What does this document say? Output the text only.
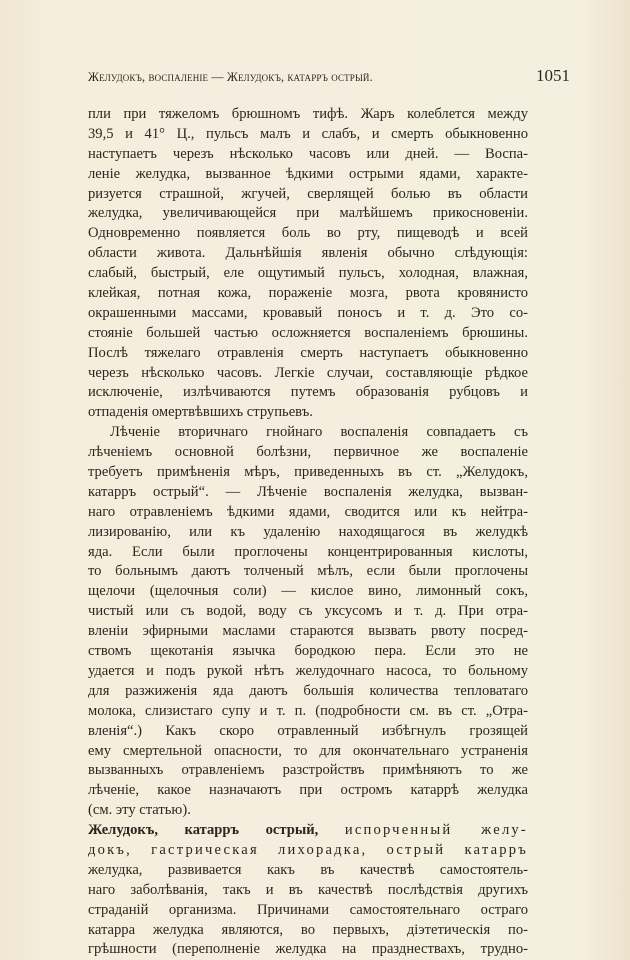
Желудокъ, воспаленіе — Желудокъ, катарръ острый.	1051
пли при тяжеломъ брюшномъ тифѣ. Жаръ колеблется между
39,5 и 41° Ц., пульсъ малъ и слабъ, и смерть обыкновенно
наступаетъ черезъ нѣсколько часовъ или дней. — Воспа-
леніе желудка, вызванное ѣдкими острыми ядами, характе-
ризуется страшной, жгучей, сверлящей болью въ области
желудка, увеличивающейся при малѣйшемъ прикосновеніи.
Одновременно появляется боль во рту, пищеводѣ и всей
области живота. Дальнѣйшія явленія обычно слѣдующія:
слабый, быстрый, еле ощутимый пульсъ, холодная, влажная,
клейкая, потная кожа, пораженіе мозга, рвота кровянисто
окрашенными массами, кровавый поносъ и т. д. Это со-
стояніе большей частью осложняется воспаленіемъ брюшины.
Послѣ тяжелаго отравленія смерть наступаетъ обыкновенно
черезъ нѣсколько часовъ. Легкіе случаи, составляющіе рѣдкое
исключеніе, излѣчиваются путемъ образованія рубцовъ и
отпаденія омертвѣвшихъ струпьевъ.
Лѣченіе вторичнаго гнойнаго воспаленія совпадаетъ съ
лѣченіемъ основной болѣзни, первичное же воспаленіе
требуетъ примѣненія мѣръ, приведенныхъ въ ст. „Желудокъ,
катарръ острый“. — Лѣченіе воспаленія желудка, вызван-
наго отравленіемъ ѣдкими ядами, сводится или къ нейтра-
лизированію, или къ удаленію находящагося въ желудкѣ
яда. Если были проглочены концентрированныя кислоты,
то больнымъ даютъ толченый мѣлъ, если были проглочены
щелочи (щелочныя соли) — кислое вино, лимонный сокъ,
чистый или съ водой, воду съ уксусомъ и т. д. При отра-
вленіи эфирными маслами стараются вызвать рвоту посред-
ствомъ щекотанія язычка бородкою пера. Если это не
удается и подъ рукой нѣтъ желудочнаго насоса, то больному
для разжиженія яда даютъ большія количества тепловатаго
молока, слизистаго супу и т. п. (подробности см. въ ст. „Отра-
вленія“.) Какъ скоро отравленный избѣгнулъ грозящей
ему смертельной опасности, то для окончательнаго устраненія
вызванныхъ отравленіемъ разстройствъ примѣняютъ то же
лѣченіе, какое назначаютъ при остромъ катаррѣ желудка
(см. эту статью).
Желудокъ, катарръ острый, испорченный желу-
докъ, гастрическая лихорадка, острый катарръ
желудка, развивается какъ въ качествѣ самостоятель-
наго заболѣванія, такъ и въ качествѣ послѣдствія другихъ
страданій организма. Причинами самостоятельнаго остраго
катарра желудка являются, во первыхъ, діэтетическія по-
грѣшности (переполненіе желудка на празднествахъ, трудно-
